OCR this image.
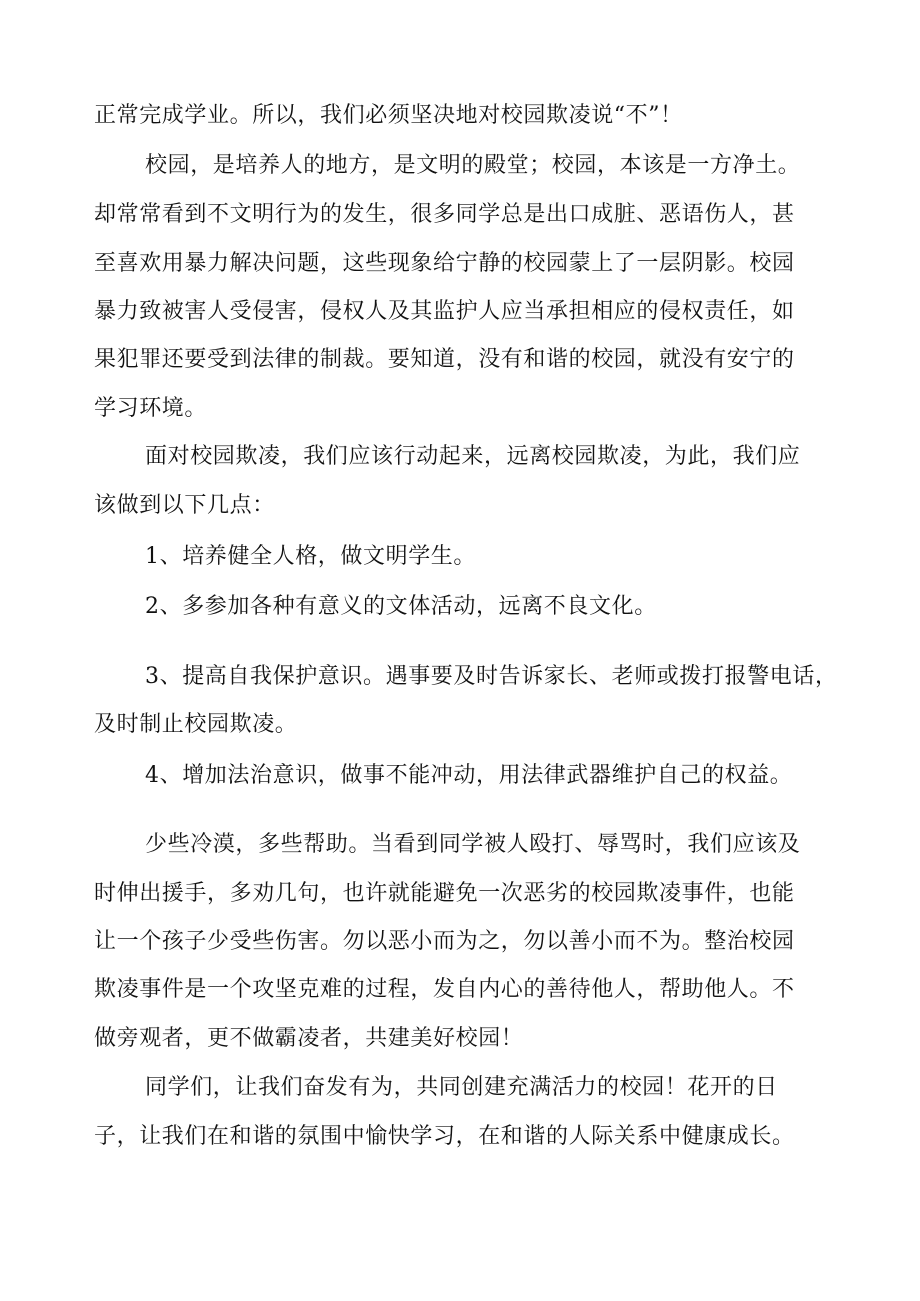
正常完成学业。所以，我们必须坚决地对校园欺凌说“不”！
校园，是培养人的地方，是文明的殿堂；校园，本该是一方净土。
却常常看到不文明行为的发生，很多同学总是出口成脏、恶语伤人，甚
至喜欢用暴力解决问题，这些现象给宁静的校园蒙上了一层阴影。校园
暴力致被害人受侵害，侵权人及其监护人应当承担相应的侵权责任，如
果犯罪还要受到法律的制裁。要知道，没有和谐的校园，就没有安宁的
学习环境。
面对校园欺凌，我们应该行动起来，远离校园欺凌，为此，我们应
该做到以下几点：
1、培养健全人格，做文明学生。
2、多参加各种有意义的文体活动，远离不良文化。
3、提高自我保护意识。遇事要及时告诉家长、老师或拨打报警电话，
及时制止校园欺凌。
4、增加法治意识，做事不能冲动，用法律武器维护自己的权益。
少些冷漠，多些帮助。当看到同学被人殴打、辱骂时，我们应该及
时伸出援手，多劝几句，也许就能避免一次恶劣的校园欺凌事件，也能
让一个孩子少受些伤害。勿以恶小而为之，勿以善小而不为。整治校园
欺凌事件是一个攻坚克难的过程，发自内心的善待他人，帮助他人。不
做旁观者，更不做霸凌者，共建美好校园！
同学们，让我们奋发有为，共同创建充满活力的校园！花开的日
子，让我们在和谐的氛围中愉快学习，在和谐的人际关系中健康成长。
